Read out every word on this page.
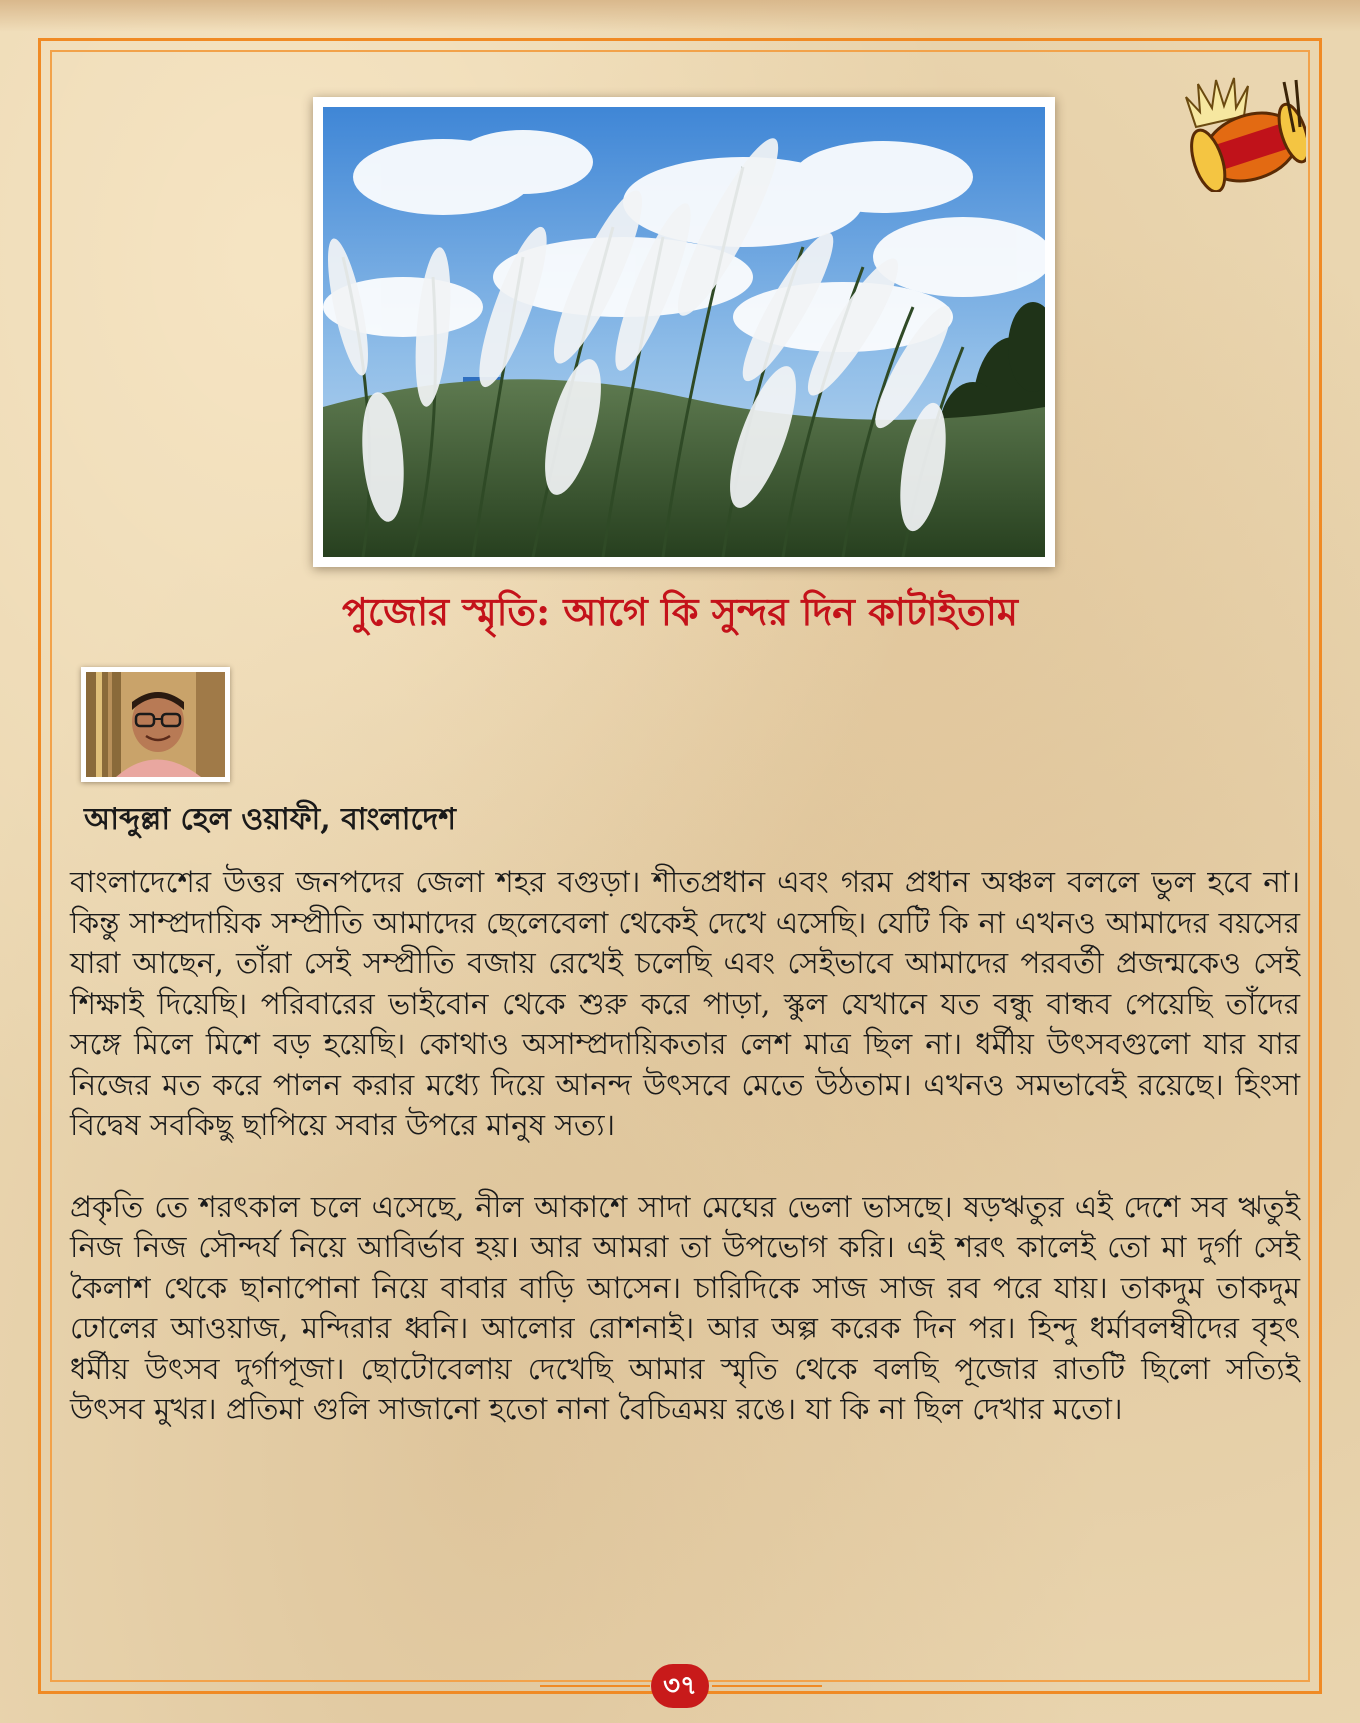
পুজোর স্মৃতি: আগে কি সুন্দর দিন কাটাইতাম

আব্দুল্লা হেল ওয়াফী, বাংলাদেশ

বাংলাদেশের উত্তর জনপদের জেলা শহর বগুড়া। শীতপ্রধান এবং গরম প্রধান অঞ্চল বললে ভুল হবে না। কিন্তু সাম্প্রদায়িক সম্প্রীতি আমাদের ছেলেবেলা থেকেই দেখে এসেছি। যেটি কি না এখনও আমাদের বয়সের যারা আছেন, তাঁরা সেই সম্প্রীতি বজায় রেখেই চলেছি এবং সেইভাবে আমাদের পরবর্তী প্রজন্মকেও সেই শিক্ষাই দিয়েছি। পরিবারের ভাইবোন থেকে শুরু করে পাড়া, স্কুল যেখানে যত বন্ধু বান্ধব পেয়েছি তাঁদের সঙ্গে মিলে মিশে বড় হয়েছি। কোথাও অসাম্প্রদায়িকতার লেশ মাত্র ছিল না। ধর্মীয় উৎসবগুলো যার যার নিজের মত করে পালন করার মধ্যে দিয়ে আনন্দ উৎসবে মেতে উঠতাম। এখনও সমভাবেই রয়েছে। হিংসা বিদ্বেষ সবকিছু ছাপিয়ে সবার উপরে মানুষ সত্য।

প্রকৃতি তে শরৎকাল চলে এসেছে, নীল আকাশে সাদা মেঘের ভেলা ভাসছে। ষড়ঋতুর এই দেশে সব ঋতুই নিজ নিজ সৌন্দর্য নিয়ে আবির্ভাব হয়। আর আমরা তা উপভোগ করি। এই শরৎ কালেই তো মা দুর্গা সেই কৈলাশ থেকে ছানাপোনা নিয়ে বাবার বাড়ি আসেন। চারিদিকে সাজ সাজ রব পরে যায়। তাকদুম তাকদুম ঢোলের আওয়াজ, মন্দিরার ধ্বনি। আলোর রোশনাই। আর অল্প করেক দিন পর। হিন্দু ধর্মাবলম্বীদের বৃহৎ ধর্মীয় উৎসব দুর্গাপূজা। ছোটোবেলায় দেখেছি আমার স্মৃতি থেকে বলছি পূজোর রাতটি ছিলো সত্যিই উৎসব মুখর। প্রতিমা গুলি সাজানো হতো নানা বৈচিত্রময় রঙে। যা কি না ছিল দেখার মতো।

৩৭
